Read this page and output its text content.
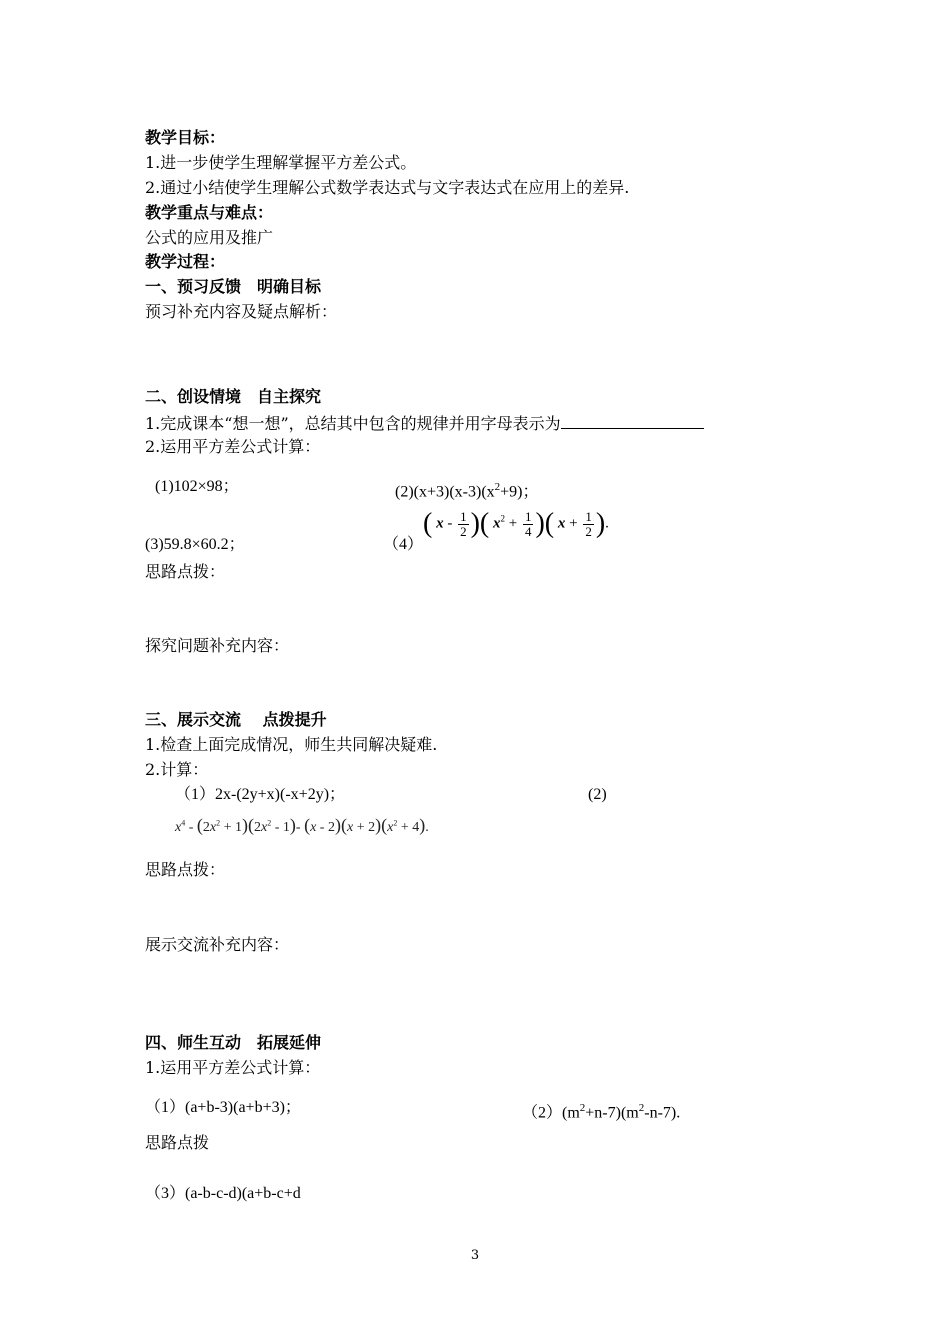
教学目标：
1.进一步使学生理解掌握平方差公式。
2.通过小结使学生理解公式数学表达式与文字表达式在应用上的差异.
教学重点与难点：
公式的应用及推广
教学过程：
一、预习反馈　明确目标
预习补充内容及疑点解析：
二、创设情境　自主探究
1.完成课本“想一想”，总结其中包含的规律并用字母表示为
2.运用平方差公式计算：
(1)102×98；	$(2)(x+3)(x-3)(x^2+9)$；
(3)59.8×60.2；	（4）
( x - $\frac{1}{2}$ )( $x^2 + \frac{1}{4}$ )( $x + \frac{1}{2}$ ).
思路点拨：
探究问题补充内容：
三、展示交流　 点拨提升
1.检查上面完成情况，师生共同解决疑难.
2.计算：
（1）2x-(2y+x)(-x+2y)；	(2)
$x^4 - (2x^2 + 1)(2x^2 - 1)-$ $(x - 2)(x + 2)(x^2 + 4)$.
思路点拨：
展示交流补充内容：
四、师生互动　拓展延伸
1.运用平方差公式计算：
（1）(a+b-3)(a+b+3)；	$(2)(m^2+n-7)(m^2-n-7)$.
思路点拨
（3）(a-b-c-d)(a+b-c+d
3
